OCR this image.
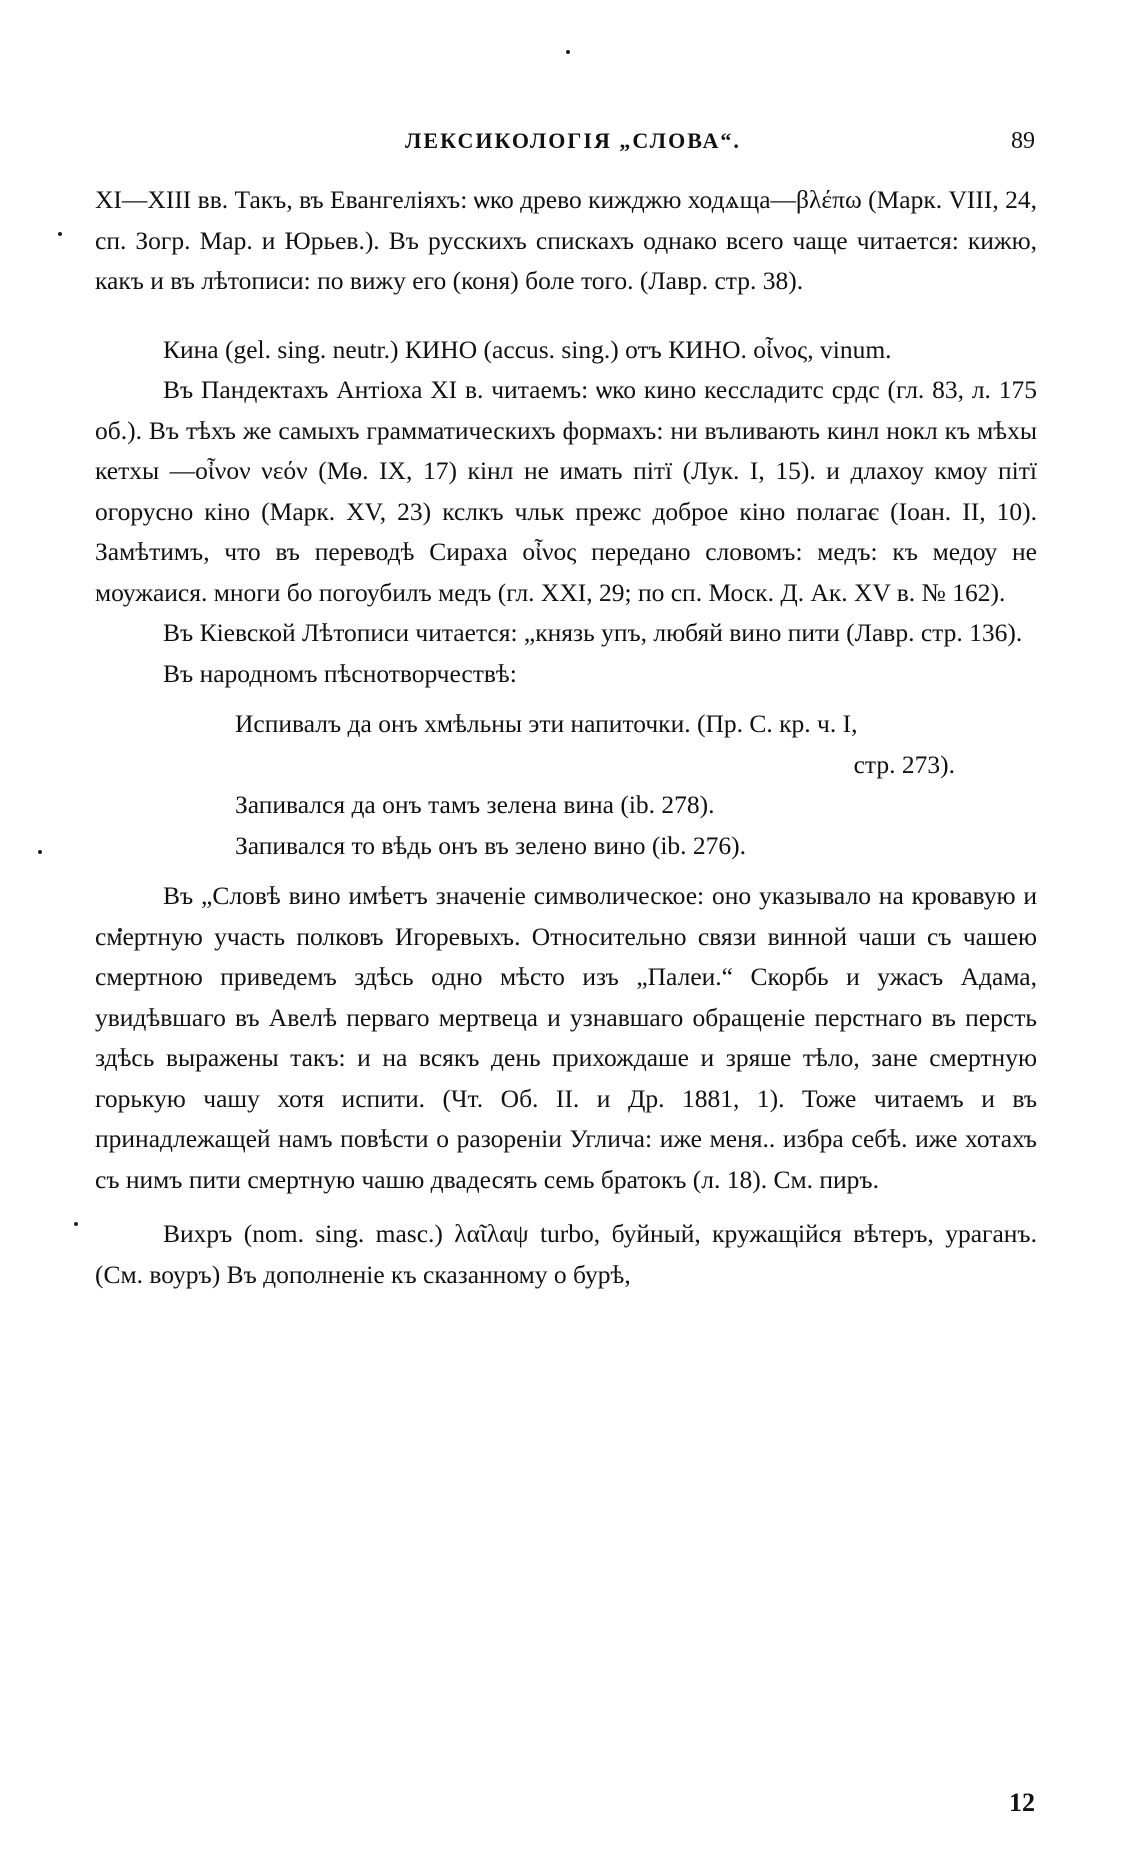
ЛЕКСИКОЛОГІЯ „СЛОВА“.	89

XI—XIII вв. Такъ, въ Евангеліяхъ: ѡко древо кижджю ходѧща—βλέπω (Марк. VIII, 24, сп. Зогр. Мар. и Юрьев.). Въ русскихъ спискахъ однако всего чаще читается: кижю, какъ и въ лѣтописи: по вижу его (коня) боле того. (Лавр. стр. 38).

Кина (gel. sing. neutr.) КИНО (accus. sing.) отъ КИНО. οἶνος, vinum.

Въ Пандектахъ Антіоха XI в. читаемъ: ѡко кино кессладитс срдс (гл. 83, л. 175 об.). Въ тѣхъ же самыхъ грамматическихъ формахъ: ни въливають кинл нокл къ мѣхы кетхы —οἶνον νεόν (Мѳ. IX, 17) кінл не имать пітї (Лук. I, 15). и длахоу кмоу пітї огорусно кіно (Марк. XV, 23) кслкъ чльк прежс доброе кіно полагає (Іоан. II, 10). Замѣтимъ, что въ переводѣ Сираха οἶνος передано словомъ: медъ: къ медоу не моужаися. многи бо погоубилъ медъ (гл. XXI, 29; по сп. Моск. Д. Ак. XV в. № 162).

Въ Кіевской Лѣтописи читается: „князь упъ, любяй вино пити (Лавр. стр. 136).

Въ народномъ пѣснотворчествѣ:

Испивалъ да онъ хмѣльны эти напиточки. (Пр. С. кр. ч. I,
стр. 273).
Запивался да онъ тамъ зелена вина (ib. 278).
Запивался то вѣдь онъ въ зелено вино (ib. 276).

Въ „Словѣ вино имѣетъ значеніе символическое: оно указывало на кровавую и смертную участь полковъ Игоревыхъ. Относительно связи винной чаши съ чашею смертною приведемъ здѣсь одно мѣсто изъ „Палеи.“ Скорбь и ужасъ Адама, увидѣвшаго въ Авелѣ перваго мертвеца и узнавшаго обращеніе перстнаго въ персть здѣсь выражены такъ: и на всякъ день прихождаше и зряше тѣло, зане смертную горькую чашу хотя испити. (Чт. Об. II. и Др. 1881, 1). Тоже читаемъ и въ принадлежащей намъ повѣсти о разореніи Углича: иже меня.. избра себѣ. иже хотахъ съ нимъ пити смертную чашю двадесять семь братокъ (л. 18). См. пиръ.

Вихръ (nom. sing. masc.) λαῖλαψ turbo, буйный, кружащійся вѣтеръ, ураганъ. (См. воуръ) Въ дополненіе къ сказанному о бурѣ,

12
